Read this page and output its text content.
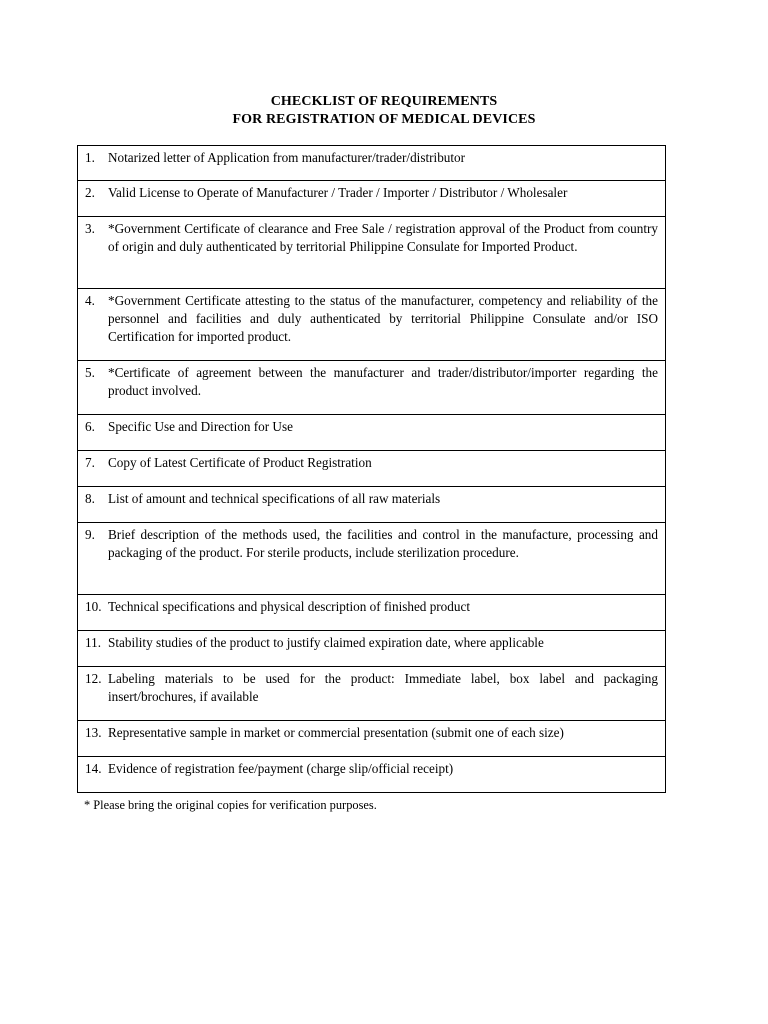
CHECKLIST OF REQUIREMENTS
FOR REGISTRATION OF MEDICAL DEVICES
1. Notarized letter of Application from manufacturer/trader/distributor

2. Valid License to Operate of Manufacturer / Trader / Importer / Distributor / Wholesaler

3. *Government Certificate of clearance and Free Sale / registration approval of the Product from country of origin and duly authenticated by territorial Philippine Consulate for Imported Product.

4. *Government Certificate attesting to the status of the manufacturer, competency and reliability of the personnel and facilities and duly authenticated by territorial Philippine Consulate and/or ISO Certification for imported product.

5. *Certificate of agreement between the manufacturer and trader/distributor/importer regarding the product involved.

6. Specific Use and Direction for Use

7. Copy of Latest Certificate of Product Registration

8. List of amount and technical specifications of all raw materials

9. Brief description of the methods used, the facilities and control in the manufacture, processing and packaging of the product. For sterile products, include sterilization procedure.

10. Technical specifications and physical description of finished product

11. Stability studies of the product to justify claimed expiration date, where applicable

12. Labeling materials to be used for the product: Immediate label, box label and packaging insert/brochures, if available

13. Representative sample in market or commercial presentation (submit one of each size)

14. Evidence of registration fee/payment (charge slip/official receipt)
* Please bring the original copies for verification purposes.
